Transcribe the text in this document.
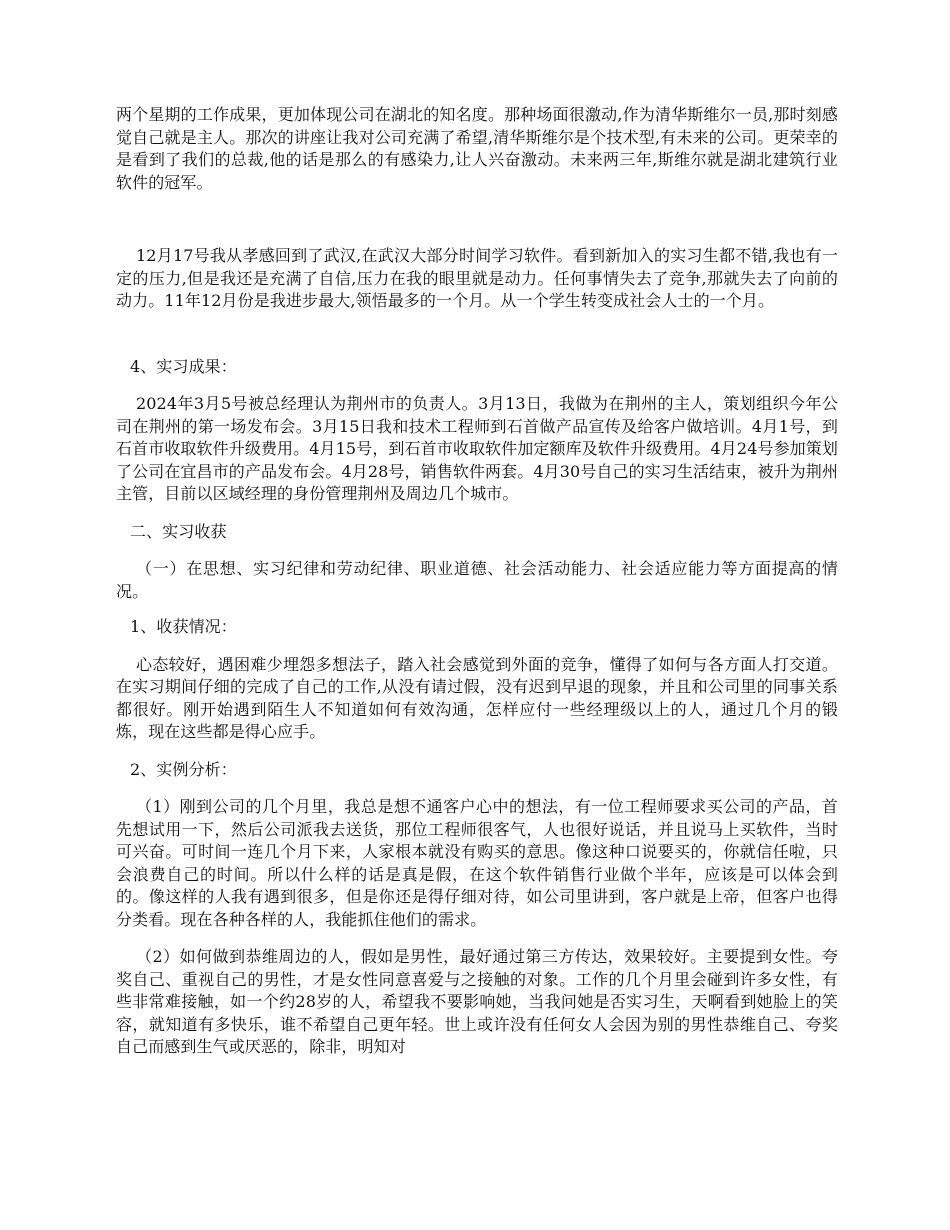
两个星期的工作成果，更加体现公司在湖北的知名度。那种场面很激动,作为清华斯维尔一员,那时刻感觉自己就是主人。那次的讲座让我对公司充满了希望,清华斯维尔是个技术型,有未来的公司。更荣幸的是看到了我们的总裁,他的话是那么的有感染力,让人兴奋激动。未来两三年,斯维尔就是湖北建筑行业软件的冠军。

12月17号我从孝感回到了武汉,在武汉大部分时间学习软件。看到新加入的实习生都不错,我也有一定的压力,但是我还是充满了自信,压力在我的眼里就是动力。任何事情失去了竞争,那就失去了向前的动力。11年12月份是我进步最大,领悟最多的一个月。从一个学生转变成社会人士的一个月。

4、实习成果：

2024年3月5号被总经理认为荆州市的负责人。3月13日，我做为在荆州的主人，策划组织今年公司在荆州的第一场发布会。3月15日我和技术工程师到石首做产品宣传及给客户做培训。4月1号，到石首市收取软件升级费用。4月15号，到石首市收取软件加定额库及软件升级费用。4月24号参加策划了公司在宜昌市的产品发布会。4月28号，销售软件两套。4月30号自己的实习生活结束，被升为荆州主管，目前以区域经理的身份管理荆州及周边几个城市。

二、实习收获

（一）在思想、实习纪律和劳动纪律、职业道德、社会活动能力、社会适应能力等方面提高的情况。

1、收获情况：

心态较好，遇困难少埋怨多想法子，踏入社会感觉到外面的竞争，懂得了如何与各方面人打交道。在实习期间仔细的完成了自己的工作,从没有请过假，没有迟到早退的现象，并且和公司里的同事关系都很好。刚开始遇到陌生人不知道如何有效沟通，怎样应付一些经理级以上的人，通过几个月的锻炼，现在这些都是得心应手。

2、实例分析：

（1）刚到公司的几个月里，我总是想不通客户心中的想法，有一位工程师要求买公司的产品，首先想试用一下，然后公司派我去送货，那位工程师很客气，人也很好说话，并且说马上买软件，当时可兴奋。可时间一连几个月下来，人家根本就没有购买的意思。像这种口说要买的，你就信任啦，只会浪费自己的时间。所以什么样的话是真是假，在这个软件销售行业做个半年，应该是可以体会到的。像这样的人我有遇到很多，但是你还是得仔细对待，如公司里讲到，客户就是上帝，但客户也得分类看。现在各种各样的人，我能抓住他们的需求。

（2）如何做到恭维周边的人，假如是男性，最好通过第三方传达，效果较好。主要提到女性。夸奖自己、重视自己的男性，才是女性同意喜爱与之接触的对象。工作的几个月里会碰到许多女性，有些非常难接触，如一个约28岁的人，希望我不要影响她，当我问她是否实习生，天啊看到她脸上的笑容，就知道有多快乐，谁不希望自己更年轻。世上或许没有任何女人会因为别的男性恭维自己、夸奖自己而感到生气或厌恶的，除非，明知对
